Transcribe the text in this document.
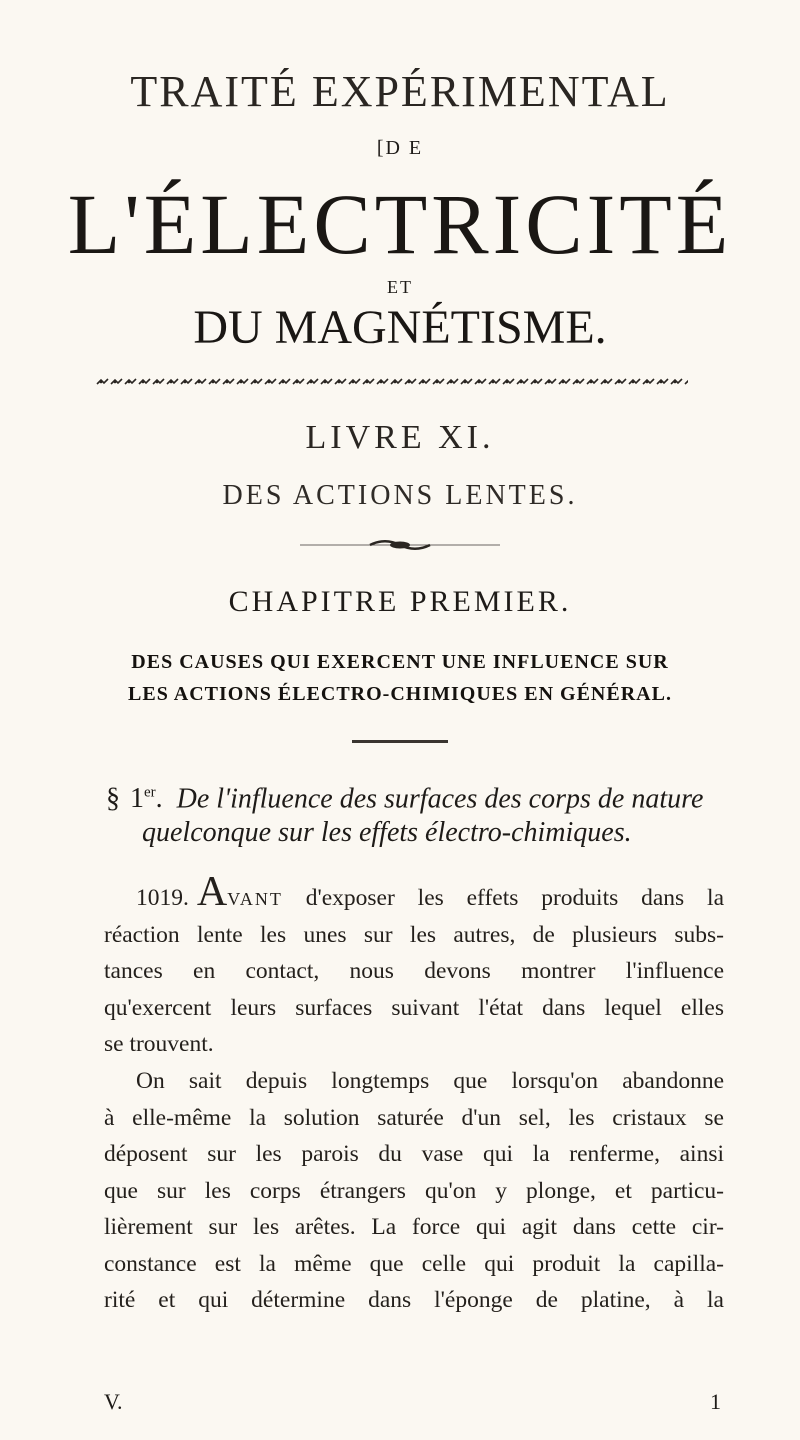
TRAITÉ EXPÉRIMENTAL
[D E
L'ÉLECTRICITÉ
ET
DU MAGNÉTISME.
LIVRE XI.
DES ACTIONS LENTES.
CHAPITRE PREMIER.
DES CAUSES QUI EXERCENT UNE INFLUENCE SUR
LES ACTIONS ÉLECTRO-CHIMIQUES EN GÉNÉRAL.
§ 1er. De l'influence des surfaces des corps de nature
quelconque sur les effets électro-chimiques.
1019. AVANT d'exposer les effets produits dans la
réaction lente les unes sur les autres, de plusieurs subs-
tances en contact, nous devons montrer l'influence
qu'exercent leurs surfaces suivant l'état dans lequel elles
se trouvent.
On sait depuis longtemps que lorsqu'on abandonne
à elle-même la solution saturée d'un sel, les cristaux se
déposent sur les parois du vase qui la renferme, ainsi
que sur les corps étrangers qu'on y plonge, et particu-
lièrement sur les arêtes. La force qui agit dans cette cir-
constance est la même que celle qui produit la capilla-
rité et qui détermine dans l'éponge de platine, à la
V.	1
